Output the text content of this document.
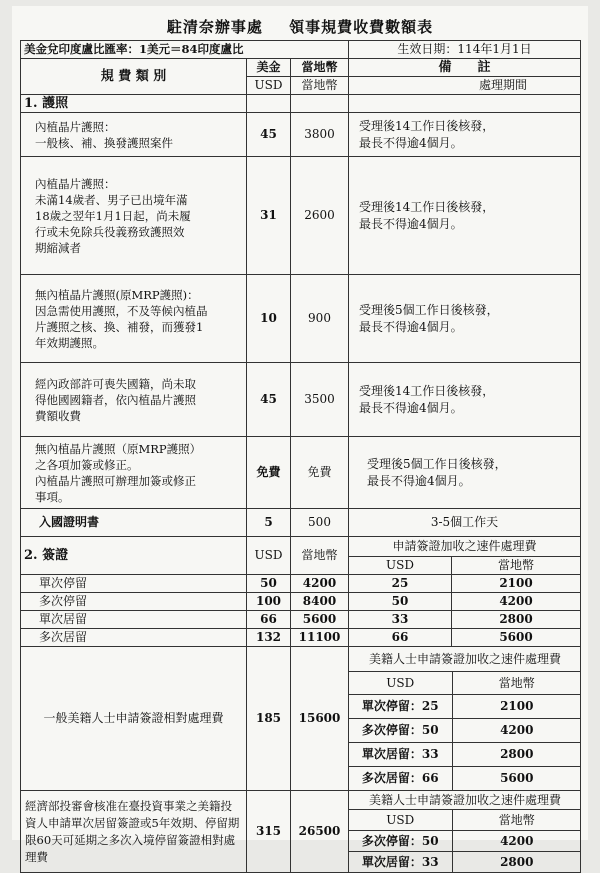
駐清奈辦事處 領事規費收費數額表
美金兌印度盧比匯率：1美元＝84印度盧比	生效日期：114年1月1日
規 費 類 別	美金	當地幣	備　　註
USD	當地幣	處理期間
1. 護照			
內植晶片護照：
一般核、補、換發護照案件	45	3800	受理後14工作日後核發，
最長不得逾4個月。
內植晶片護照：
未滿14歲者、男子已出境年滿
18歲之翌年1月1日起，尚未履
行或未免除兵役義務致護照效
期縮減者	31	2600	受理後14工作日後核發，
最長不得逾4個月。
無內植晶片護照(原MRP護照)：
因急需使用護照，不及等候內植晶
片護照之核、換、補發，而獲發1
年效期護照。	10	900	受理後5個工作日後核發，
最長不得逾4個月。
經內政部許可喪失國籍，尚未取
得他國國籍者，依內植晶片護照
費額收費	45	3500	受理後14工作日後核發，
最長不得逾4個月。
無內植晶片護照（原MRP護照）
之各項加簽或修正。
內植晶片護照可辦理加簽或修正
事項。	免費	免費	受理後5個工作日後核發，
最長不得逾4個月。
入國證明書	5	500	3-5個工作天
2. 簽證	USD	當地幣	申請簽證加收之速件處理費
USD	當地幣
單次停留	50	4200	25	2100
多次停留	100	8400	50	4200
單次居留	66	5600	33	2800
多次居留	132	11100	66	5600
一般美籍人士申請簽證相對處理費	185	15600	
美籍人士申請簽證加收之速件處理費
USD	當地幣
單次停留：25	2100
多次停留：50	4200
單次居留：33	2800
多次居留：66	5600

經濟部投審會核准在臺投資事業之美籍投資人申請單次居留簽證或5年效期、停留期限60天可延期之多次入境停留簽證相對處理費	315	26500	
美籍人士申請簽證加收之速件處理費
USD	當地幣
多次停留：50	4200
單次居留：33	2800
